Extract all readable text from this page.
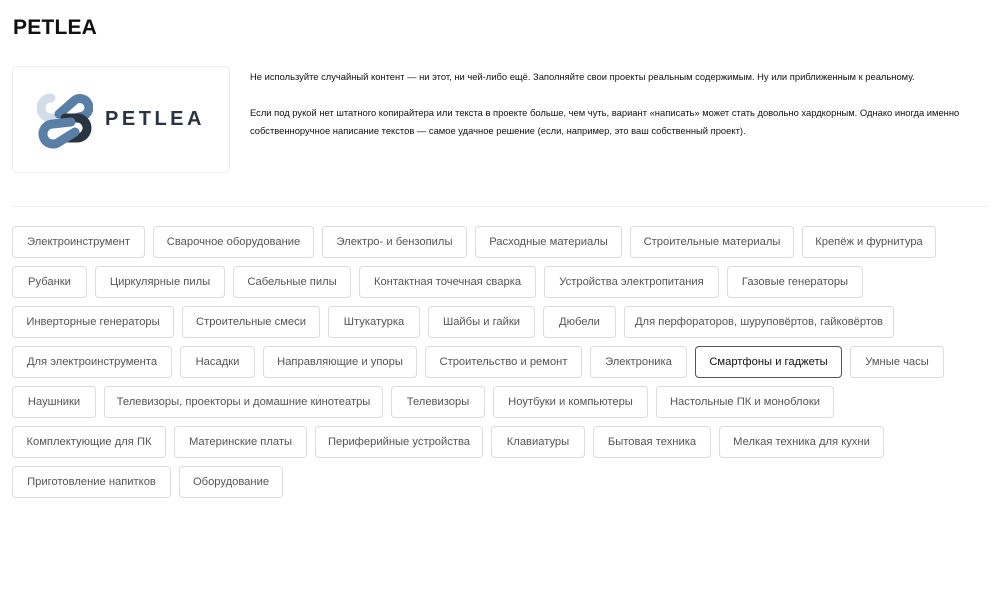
PETLEA
PETLEA

Не используйте случайный контент — ни этот, ни чей-либо ещё. Заполняйте свои проекты реальным содержимым. Ну или приближенным к реальному.

Если под рукой нет штатного копирайтера или текста в проекте больше, чем чуть, вариант «написать» может стать довольно хардкорным. Однако иногда именно собственноручное написание текстов — самое удачное решение (если, например, это ваш собственный проект).

Электроинструмент	Сварочное оборудование	Электро- и бензопилы	Расходные материалы	Строительные материалы	Крепёж и фурнитура
Рубанки	Циркулярные пилы	Сабельные пилы	Контактная точечная сварка	Устройства электропитания	Газовые генераторы
Инверторные генераторы	Строительные смеси	Штукатурка	Шайбы и гайки	Дюбели	Для перфораторов, шуруповёртов, гайковёртов
Для электроинструмента	Насадки	Направляющие и упоры	Строительство и ремонт	Электроника	Смартфоны и гаджеты	Умные часы
Наушники	Телевизоры, проекторы и домашние кинотеатры	Телевизоры	Ноутбуки и компьютеры	Настольные ПК и моноблоки
Комплектующие для ПК	Материнские платы	Периферийные устройства	Клавиатуры	Бытовая техника	Мелкая техника для кухни
Приготовление напитков	Оборудование
